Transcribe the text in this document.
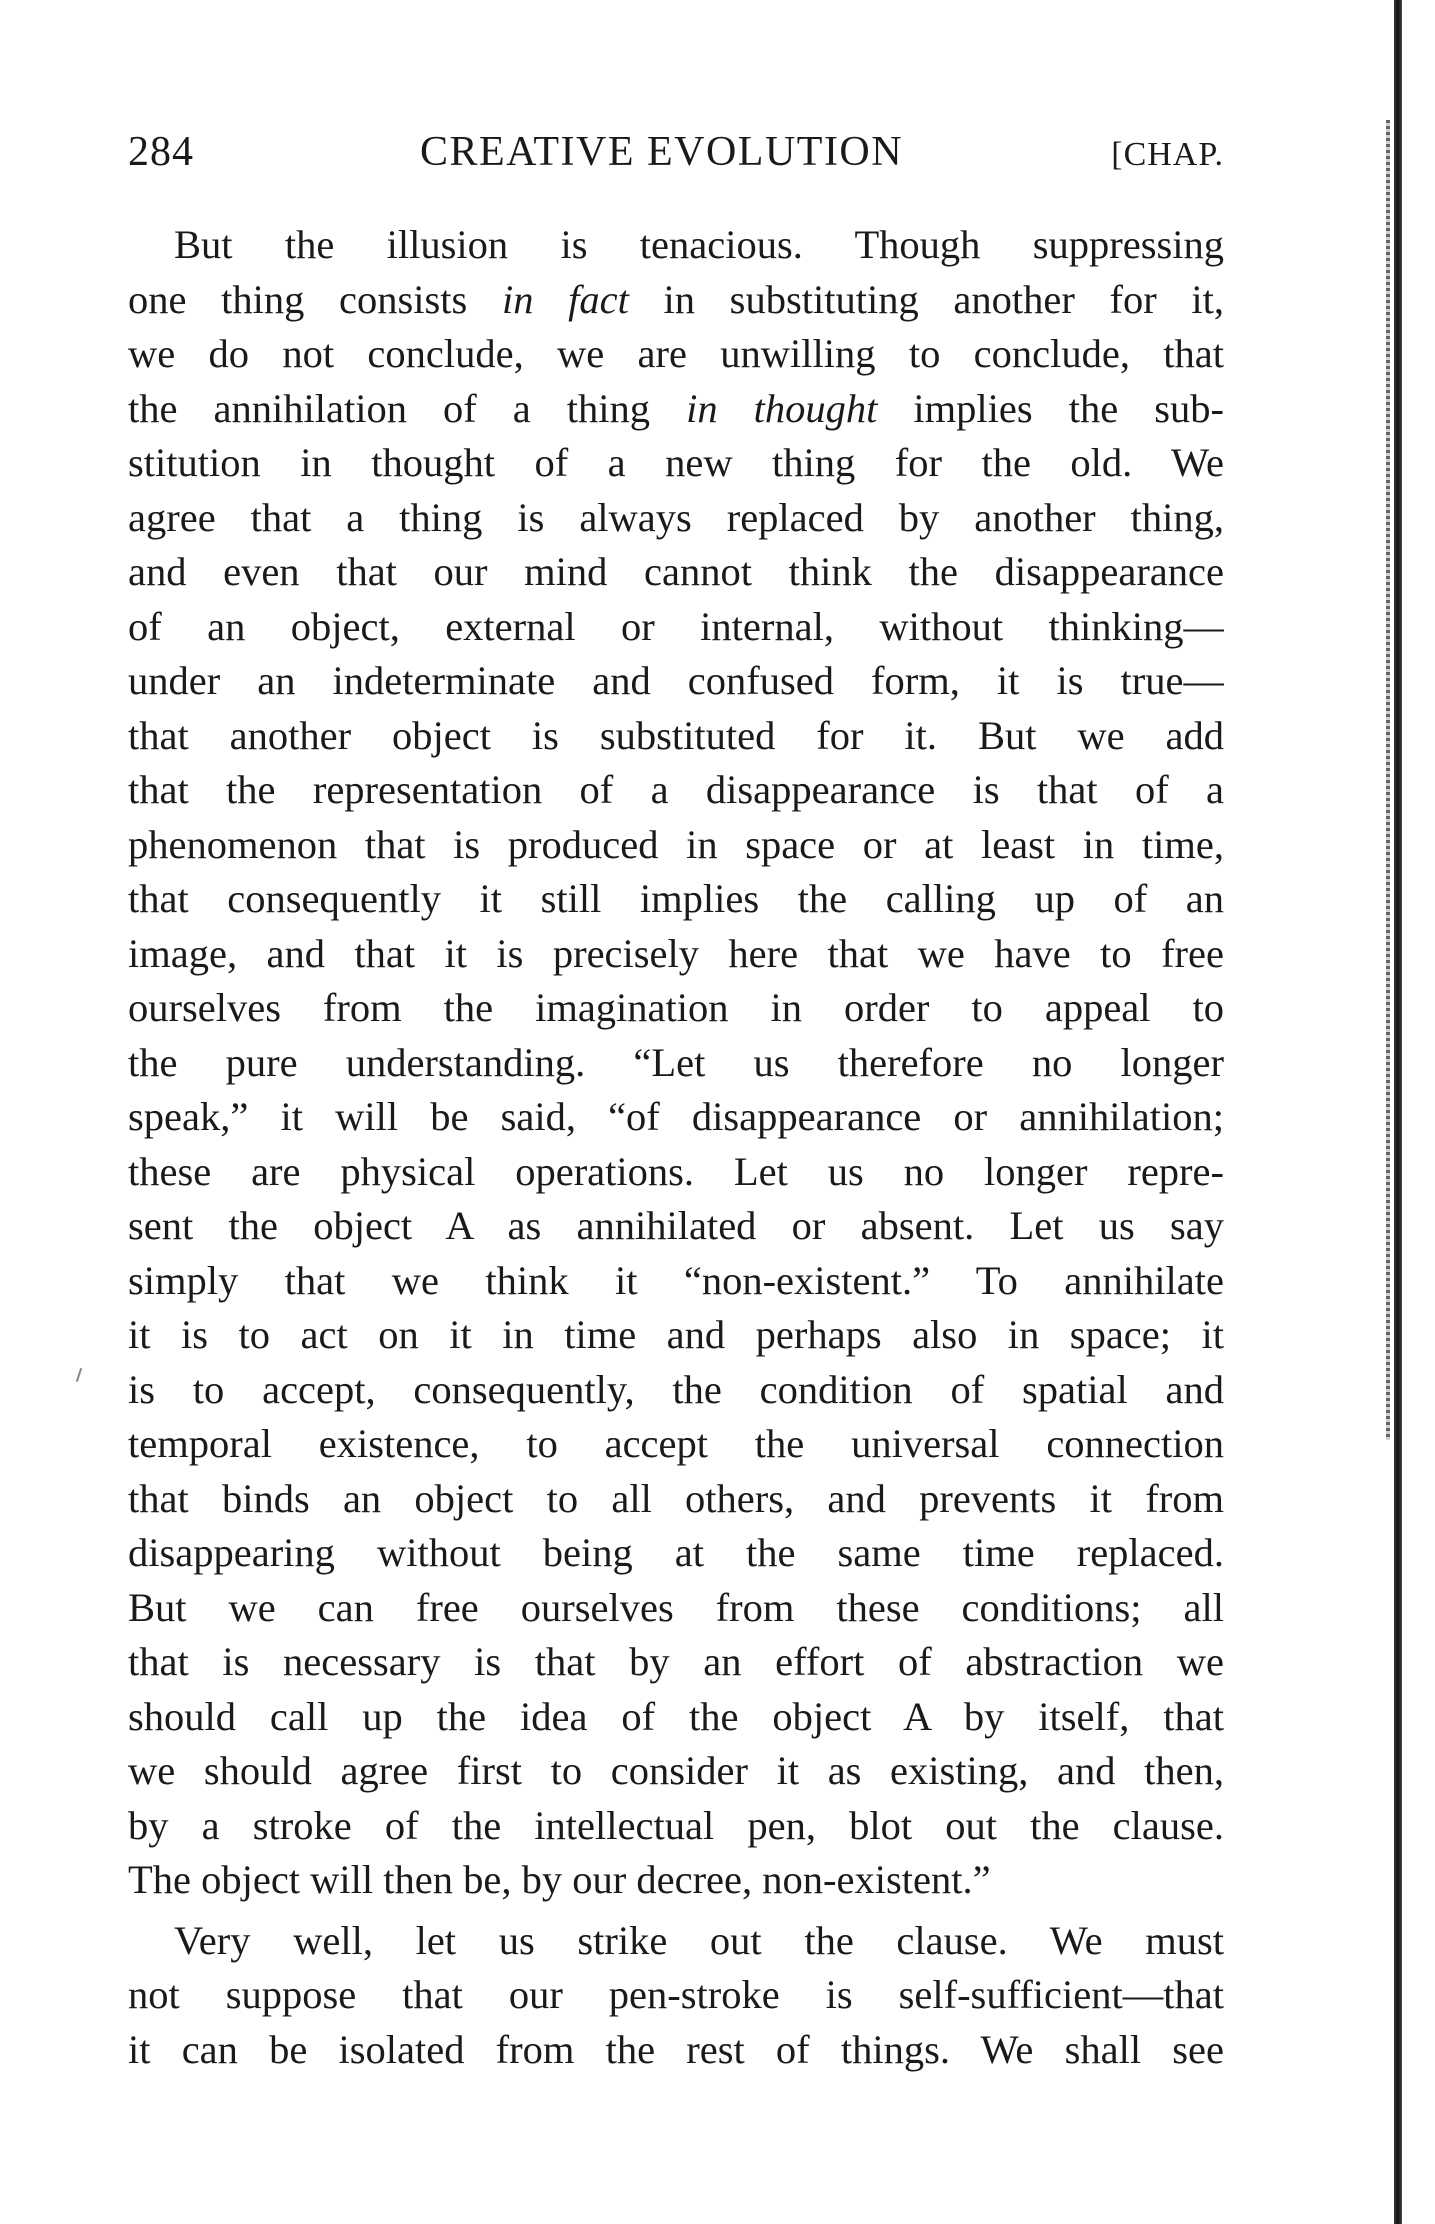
284	CREATIVE EVOLUTION	[CHAP.
But the illusion is tenacious. Though suppressing
one thing consists in fact in substituting another for it,
we do not conclude, we are unwilling to conclude, that
the annihilation of a thing in thought implies the sub-
stitution in thought of a new thing for the old. We
agree that a thing is always replaced by another thing,
and even that our mind cannot think the disappearance
of an object, external or internal, without thinking—
under an indeterminate and confused form, it is true—
that another object is substituted for it. But we add
that the representation of a disappearance is that of a
phenomenon that is produced in space or at least in time,
that consequently it still implies the calling up of an
image, and that it is precisely here that we have to free
ourselves from the imagination in order to appeal to
the pure understanding. “Let us therefore no longer
speak,” it will be said, “of disappearance or annihilation;
these are physical operations. Let us no longer repre-
sent the object A as annihilated or absent. Let us say
simply that we think it “non-existent.” To annihilate
it is to act on it in time and perhaps also in space; it
is to accept, consequently, the condition of spatial and
temporal existence, to accept the universal connection
that binds an object to all others, and prevents it from
disappearing without being at the same time replaced.
But we can free ourselves from these conditions; all
that is necessary is that by an effort of abstraction we
should call up the idea of the object A by itself, that
we should agree first to consider it as existing, and then,
by a stroke of the intellectual pen, blot out the clause.
The object will then be, by our decree, non-existent.”
Very well, let us strike out the clause. We must
not suppose that our pen-stroke is self-sufficient—that
it can be isolated from the rest of things. We shall see
